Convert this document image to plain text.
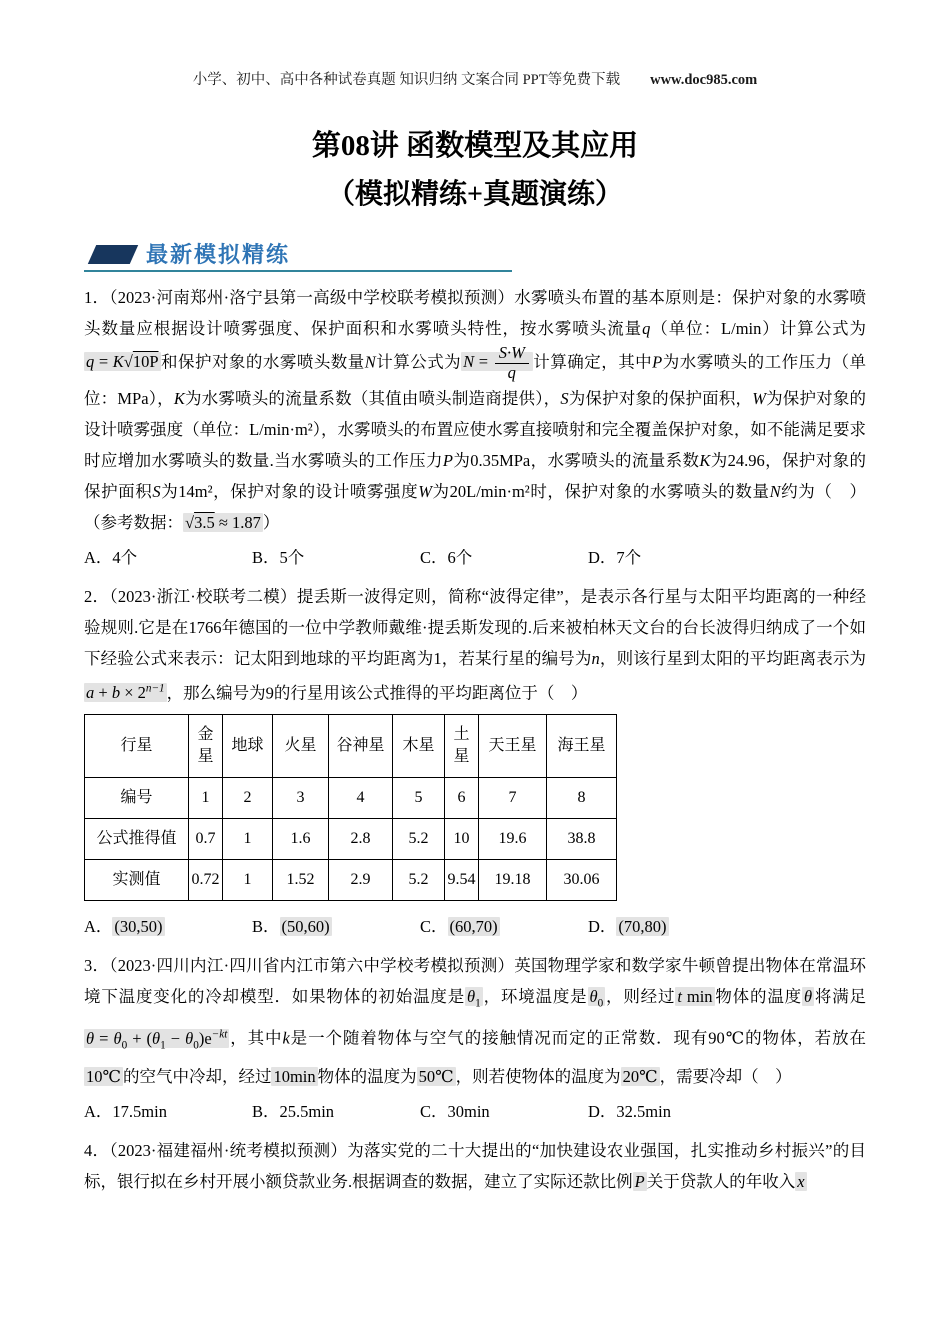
小学、初中、高中各种试卷真题 知识归纳 文案合同 PPT等免费下载 www.doc985.com
第08讲 函数模型及其应用
（模拟精练+真题演练）
最新模拟精练

1．（2023·河南郑州·洛宁县第一高级中学校联考模拟预测）水雾喷头布置的基本原则是：保护对象的水雾喷头数量应根据设计喷雾强度、保护面积和水雾喷头特性，按水雾喷头流量q（单位：L/min）计算公式为q = K√10P 和保护对象的水雾喷头数量N计算公式为 $N = \frac{S\cdot W}{q}$ 计算确定，其中P为水雾喷头的工作压力（单位：MPa），K为水雾喷头的流量系数（其值由喷头制造商提供），S为保护对象的保护面积，W为保护对象的设计喷雾强度（单位：L/min·m²），水雾喷头的布置应使水雾直接喷射和完全覆盖保护对象，如不能满足要求时应增加水雾喷头的数量.当水雾喷头的工作压力P为0.35MPa，水雾喷头的流量系数K为24.96，保护对象的保护面积S为14m²，保护对象的设计喷雾强度W为20L/min·m²时，保护对象的水雾喷头的数量N约为（　）（参考数据： √3.5 ≈ 1.87 ）

A．4个	B．5个	C．6个	D．7个

2．（2023·浙江·校联考二模）提丢斯一波得定则，简称“波得定律”，是表示各行星与太阳平均距离的一种经验规则.它是在1766年德国的一位中学教师戴维·提丢斯发现的.后来被柏林天文台的台长波得归纳成了一个如下经验公式来表示：记太阳到地球的平均距离为1，若某行星的编号为n，则该行星到太阳的平均距离表示为$a + b \times 2^{n-1}$ ，那么编号为9的行星用该公式推得的平均距离位于（　）

行星	金星	地球	火星	谷神星	木星	土星	天王星	海王星
编号	1	2	3	4	5	6	7	8
公式推得值	0.7	1	1.6	2.8	5.2	10	19.6	38.8
实测值	0.72	1	1.52	2.9	5.2	9.54	19.18	30.06
A． (30,50)	B． (50,60)	C． (60,70)	D． (70,80)

3．（2023·四川内江·四川省内江市第六中学校考模拟预测）英国物理学家和数学家牛顿曾提出物体在常温环境下温度变化的冷却模型．如果物体的初始温度是 $\theta_1$ ，环境温度是 $\theta_0$ ，则经过 t min 物体的温度 θ 将满足$\theta = \theta_0 + (\theta_1 - \theta_0)e^{-kt}$ ，其中k是一个随着物体与空气的接触情况而定的正常数．现有90℃的物体，若放在10℃ 的空气中冷却，经过 10min 物体的温度为 50℃ ，则若使物体的温度为 20℃ ，需要冷却（　）

A．17.5min	B．25.5min	C．30min	D．32.5min

4．（2023·福建福州·统考模拟预测）为落实党的二十大提出的“加快建设农业强国，扎实推动乡村振兴”的目标，银行拟在乡村开展小额贷款业务.根据调查的数据，建立了实际还款比例 P 关于贷款人的年收入 x
